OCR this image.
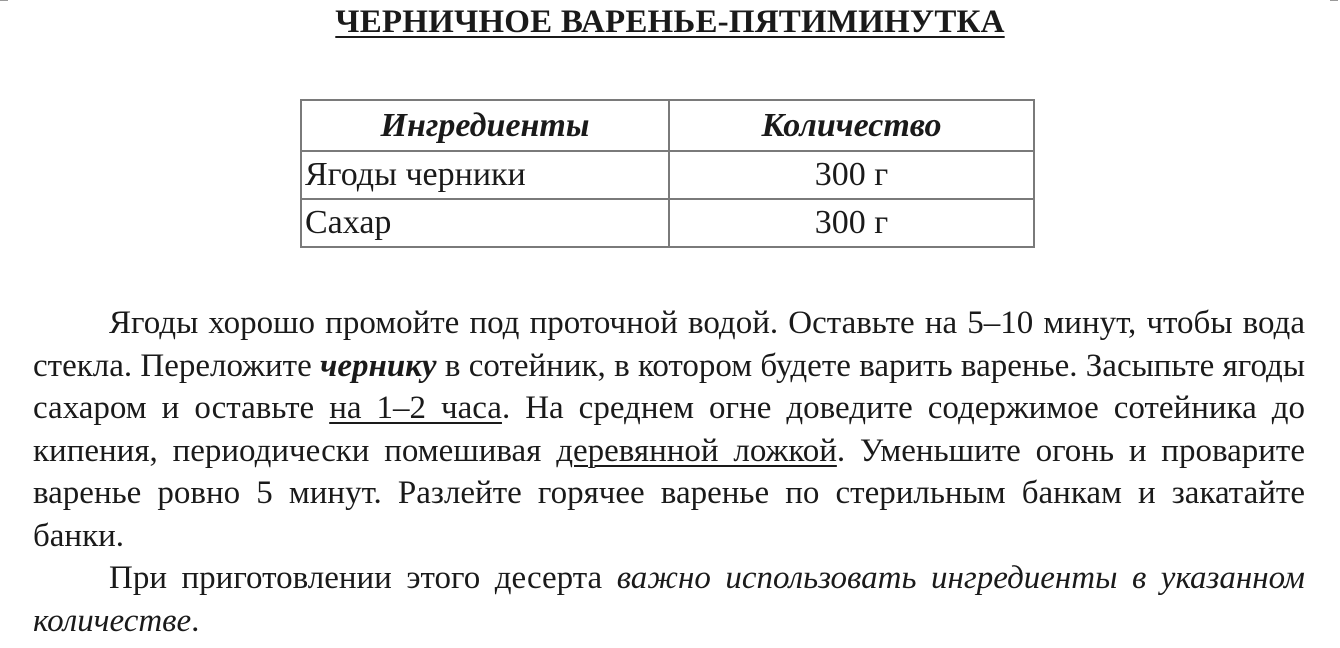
ЧЕРНИЧНОЕ ВАРЕНЬЕ-ПЯТИМИНУТКА
Ингредиенты	Количество
Ягоды черники	300 г
Сахар	300 г

Ягоды хорошо промойте под проточной водой. Оставьте на 5–10 минут, чтобы вода стекла. Переложите чернику в сотейник, в котором будете варить варенье. Засыпьте ягоды сахаром и оставьте на 1–2 часа. На среднем огне доведите содержимое сотейника до кипения, периодически помешивая деревянной ложкой. Уменьшите огонь и проварите варенье ровно 5 минут. Разлейте горячее варенье по стерильным банкам и закатайте банки.

При приготовлении этого десерта важно использовать ингредиенты в указанном количестве.
